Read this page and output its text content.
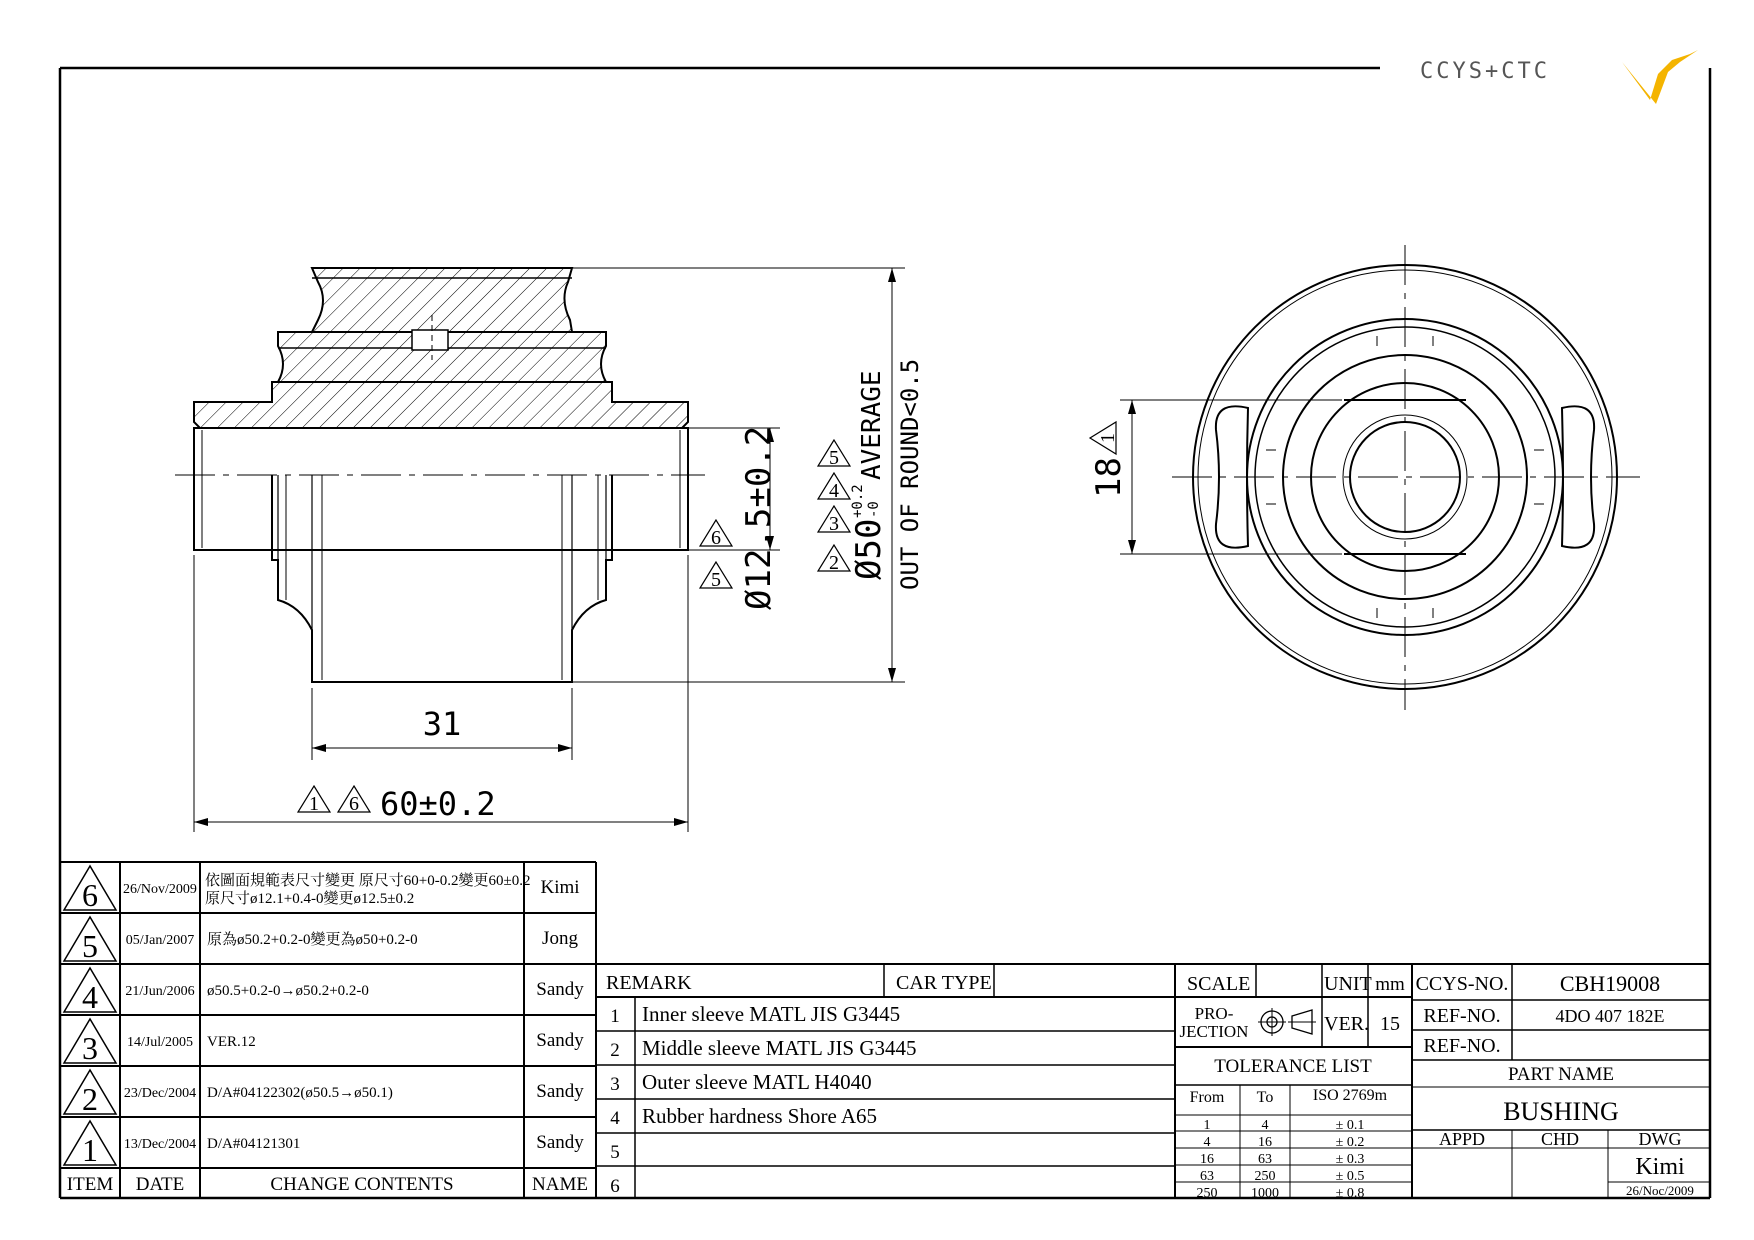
CCYS+CTC
31
1 6 60±0.2
Ø12.5±0.2
6
5	Ø50
+0.2 -0
AVERAGE OUT OF ROUND<0.5
5
4
3
2
18
1
6 26/Nov/2009
依圖面規範表尺寸變更 原尺寸60+0-0.2變更60±0.2
原尺寸ø12.1+0.4-0變更ø12.5±0.2
Kimi
5 05/Jan/2007 原為ø50.2+0.2-0變更為ø50+0.2-0	Jong
4 21/Jun/2006 ø50.5+0.2-0→ø50.2+0.2-0	Sandy
3 14/Jul/2005 VER.12	Sandy
2 23/Dec/2004 D/A#04122302(ø50.5→ø50.1)	Sandy
1 13/Dec/2004 D/A#04121301	Sandy
ITEM DATE	CHANGE CONTENTS	NAME
REMARK	CAR TYPE
1 Inner sleeve MATL JIS G3445
2 Middle sleeve MATL JIS G3445
3 Outer sleeve MATL H4040
4 Rubber hardness Shore A65
5
6
SCALE	UNIT mm
PRO-
JECTION	VER. 15
TOLERANCE LIST
From To ISO 2769m
1	4	± 0.1
4	16	± 0.2
16	63	± 0.3
63	250	± 0.5
250 1000	± 0.8
CCYS-NO. CBH19008
REF-NO.	4DO 407 182E
REF-NO.
PART NAME
BUSHING
APPD	CHD	DWG
Kimi
26/Noc/2009
